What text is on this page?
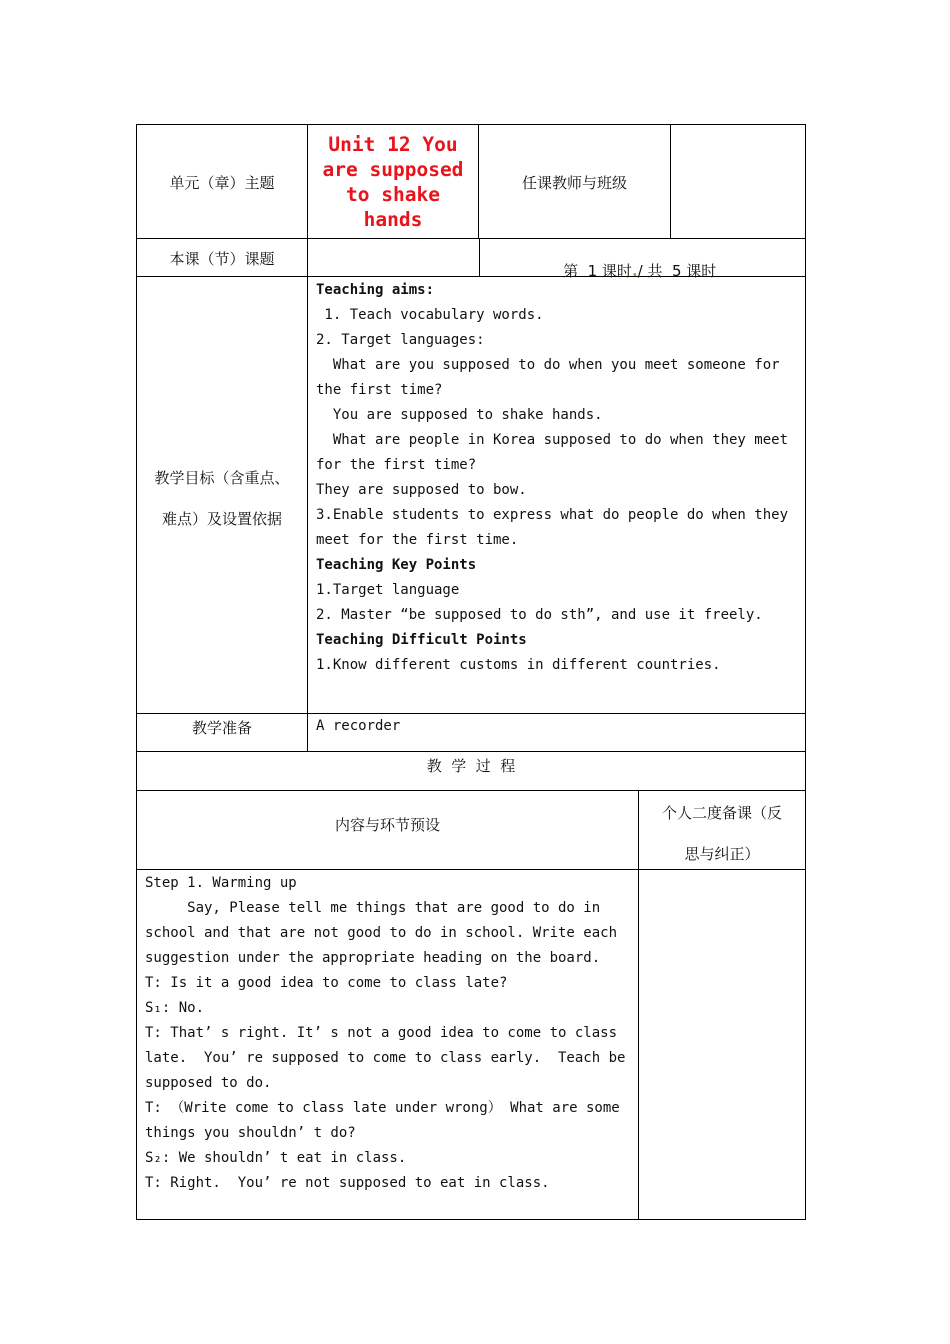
单元（章）主题
Unit 12 You
are supposed
to shake
hands
任课教师与班级
本课（节）课题

第  1 课时./ 共  5 课时

教学目标（含重点、
难点）及设置依据
Teaching aims:
1. Teach vocabulary words.
2. Target languages:
What are you supposed to do when you meet someone for
the first time?
You are supposed to shake hands.
What are people in Korea supposed to do when they meet
for the first time?
They are supposed to bow.
3.Enable students to express what do people do when they
meet for the first time.
Teaching Key Points
1.Target language
2. Master “be supposed to do sth”, and use it freely.
Teaching Difficult Points
1.Know different customs in different countries.
教学准备	A recorder
教  学  过  程
内容与环节预设
个人二度备课（反
思与纠正）
Step 1. Warming up
Say, Please tell me things that are good to do in
school and that are not good to do in school. Write each
suggestion under the appropriate heading on the board.
T: Is it a good idea to come to class late?
S₁: No.
T: That’ s right. It’ s not a good idea to come to class
late.  You’ re supposed to come to class early.  Teach be
supposed to do.
T: （Write come to class late under wrong） What are some
things you shouldn’ t do?
S₂: We shouldn’ t eat in class.
T: Right.  You’ re not supposed to eat in class.
